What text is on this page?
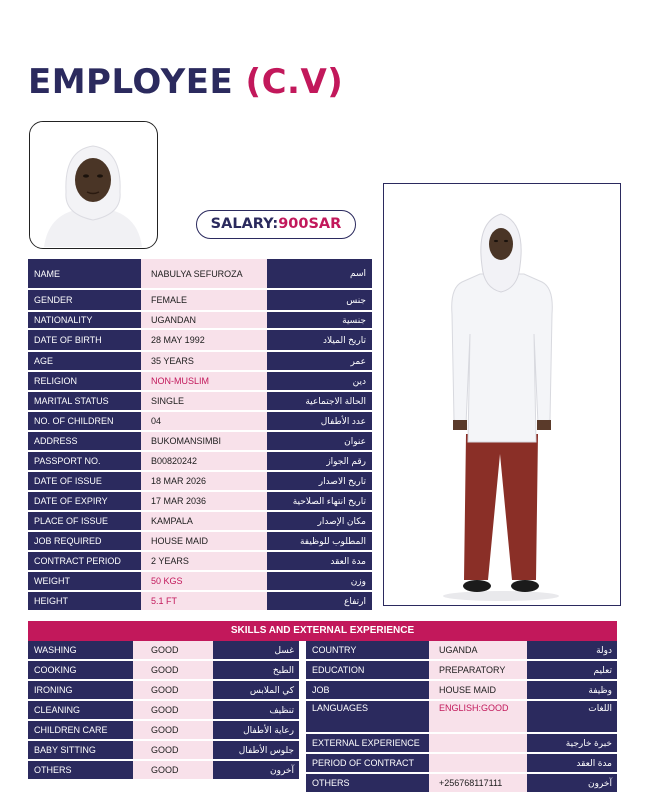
EMPLOYEE (C.V)
SALARY:900SAR
NAME	NABULYA SEFUROZA	اسم
GENDER	FEMALE	جنس
NATIONALITY	UGANDAN	جنسية
DATE OF BIRTH	28 MAY 1992	تاريخ الميلاد
AGE	35 YEARS	عمر
RELIGION	NON-MUSLIM	دين
MARITAL STATUS	SINGLE	الحالة الاجتماعية
NO. OF CHILDREN	04	عدد الأطفال
ADDRESS	BUKOMANSIMBI	عنوان
PASSPORT NO.	B00820242	رقم الجواز
DATE OF ISSUE	18 MAR 2026	تاريخ الاصدار
DATE OF EXPIRY	17 MAR 2036	تاريخ انتهاء الصلاحية
PLACE OF ISSUE	KAMPALA	مكان الإصدار
JOB REQUIRED	HOUSE MAID	المطلوب للوظيفة
CONTRACT PERIOD	2 YEARS	مدة العقد
WEIGHT	50 KGS	وزن
HEIGHT	5.1 FT	ارتفاع
SKILLS AND EXTERNAL EXPERIENCE
WASHING	GOOD	غسل
COOKING	GOOD	الطبخ
IRONING	GOOD	كي الملابس
CLEANING	GOOD	تنظيف
CHILDREN CARE	GOOD	رعاية الأطفال
BABY SITTING	GOOD	جلوس الأطفال
OTHERS	GOOD	آخرون
COUNTRY	UGANDA	دولة
EDUCATION	PREPARATORY	تعليم
JOB	HOUSE MAID	وظيفة

LANGUAGES	ENGLISH:GOOD	اللغات

EXTERNAL EXPERIENCE		خبرة خارجية
PERIOD OF CONTRACT		مدة العقد
OTHERS	+256768117111	آخرون
